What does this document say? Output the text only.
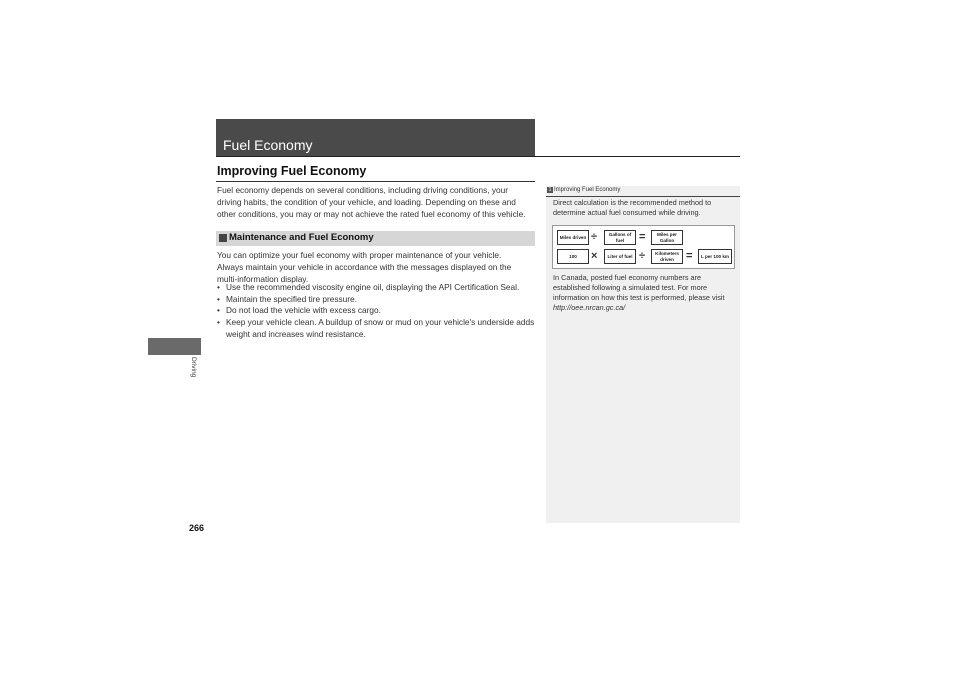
Fuel Economy
Improving Fuel Economy
Fuel economy depends on several conditions, including driving conditions, your
driving habits, the condition of your vehicle, and loading. Depending on these and
other conditions, you may or may not achieve the rated fuel economy of this vehicle.
Maintenance and Fuel Economy
You can optimize your fuel economy with proper maintenance of your vehicle.
Always maintain your vehicle in accordance with the messages displayed on the
multi-information display.
• Use the recommended viscosity engine oil, displaying the API Certification Seal.
• Maintain the specified tire pressure.
• Do not load the vehicle with excess cargo.
• Keep your vehicle clean. A buildup of snow or mud on your vehicle's underside adds weight and increases wind resistance.
Driving
266
1 Improving Fuel Economy
Direct calculation is the recommended method to
determine actual fuel consumed while driving.
Miles driven ÷	Gallons of fuel	=	Miles per Gallon
100	×	Liter of fuel ÷	Kilometers driven	=	L per 100 km
In Canada, posted fuel economy numbers are
established following a simulated test. For more
information on how this test is performed, please visit
http://oee.nrcan.gc.ca/
